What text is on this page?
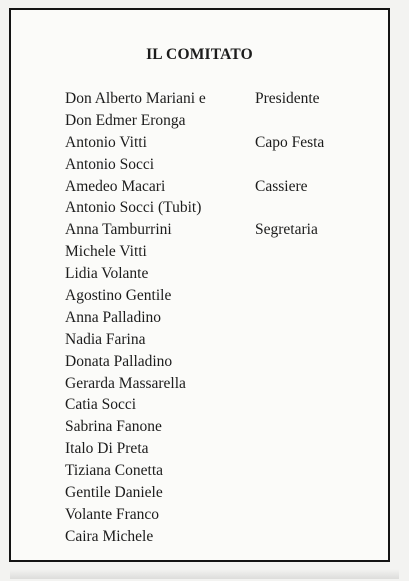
IL COMITATO
Don Alberto Mariani e	Presidente
Don Edmer Eronga
Antonio Vitti	Capo Festa
Antonio Socci
Amedeo Macari	Cassiere
Antonio Socci (Tubit)
Anna Tamburrini	Segretaria
Michele Vitti
Lidia Volante
Agostino Gentile
Anna Palladino
Nadia Farina
Donata Palladino
Gerarda Massarella
Catia Socci
Sabrina Fanone
Italo Di Preta
Tiziana Conetta
Gentile Daniele
Volante Franco
Caira Michele
